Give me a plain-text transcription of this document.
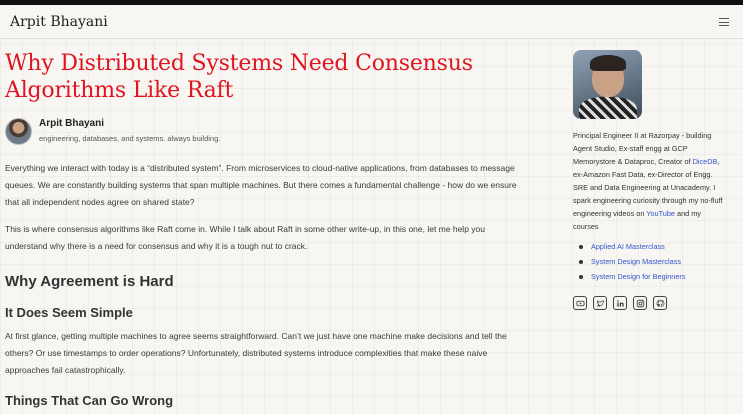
Arpit Bhayani
Why Distributed Systems Need Consensus Algorithms Like Raft
Arpit Bhayani
engineering, databases, and systems. always building.

Everything we interact with today is a “distributed system”. From microservices to cloud-native applications, from databases to message queues. We are constantly building systems that span multiple machines. But there comes a fundamental challenge - how do we ensure that all independent nodes agree on shared state?

This is where consensus algorithms like Raft come in. While I talk about Raft in some other write-up, in this one, let me help you understand why there is a need for consensus and why it is a tough nut to crack.

Why Agreement is Hard
It Does Seem Simple

At first glance, getting multiple machines to agree seems straightforward. Can’t we just have one machine make decisions and tell the others? Or use timestamps to order operations? Unfortunately, distributed systems introduce complexities that make these naive approaches fail catastrophically.

Things That Can Go Wrong

Principal Engineer II at Razorpay - building Agent Studio, Ex-staff engg at GCP Memorystore & Dataproc, Creator of DiceDB, ex-Amazon Fast Data, ex-Director of Engg. SRE and Data Engineering at Unacademy. I spark engineering curiosity through my no-fluff engineering videos on YouTube and my courses

Applied AI Masterclass
System Design Masterclass
System Design for Beginners
